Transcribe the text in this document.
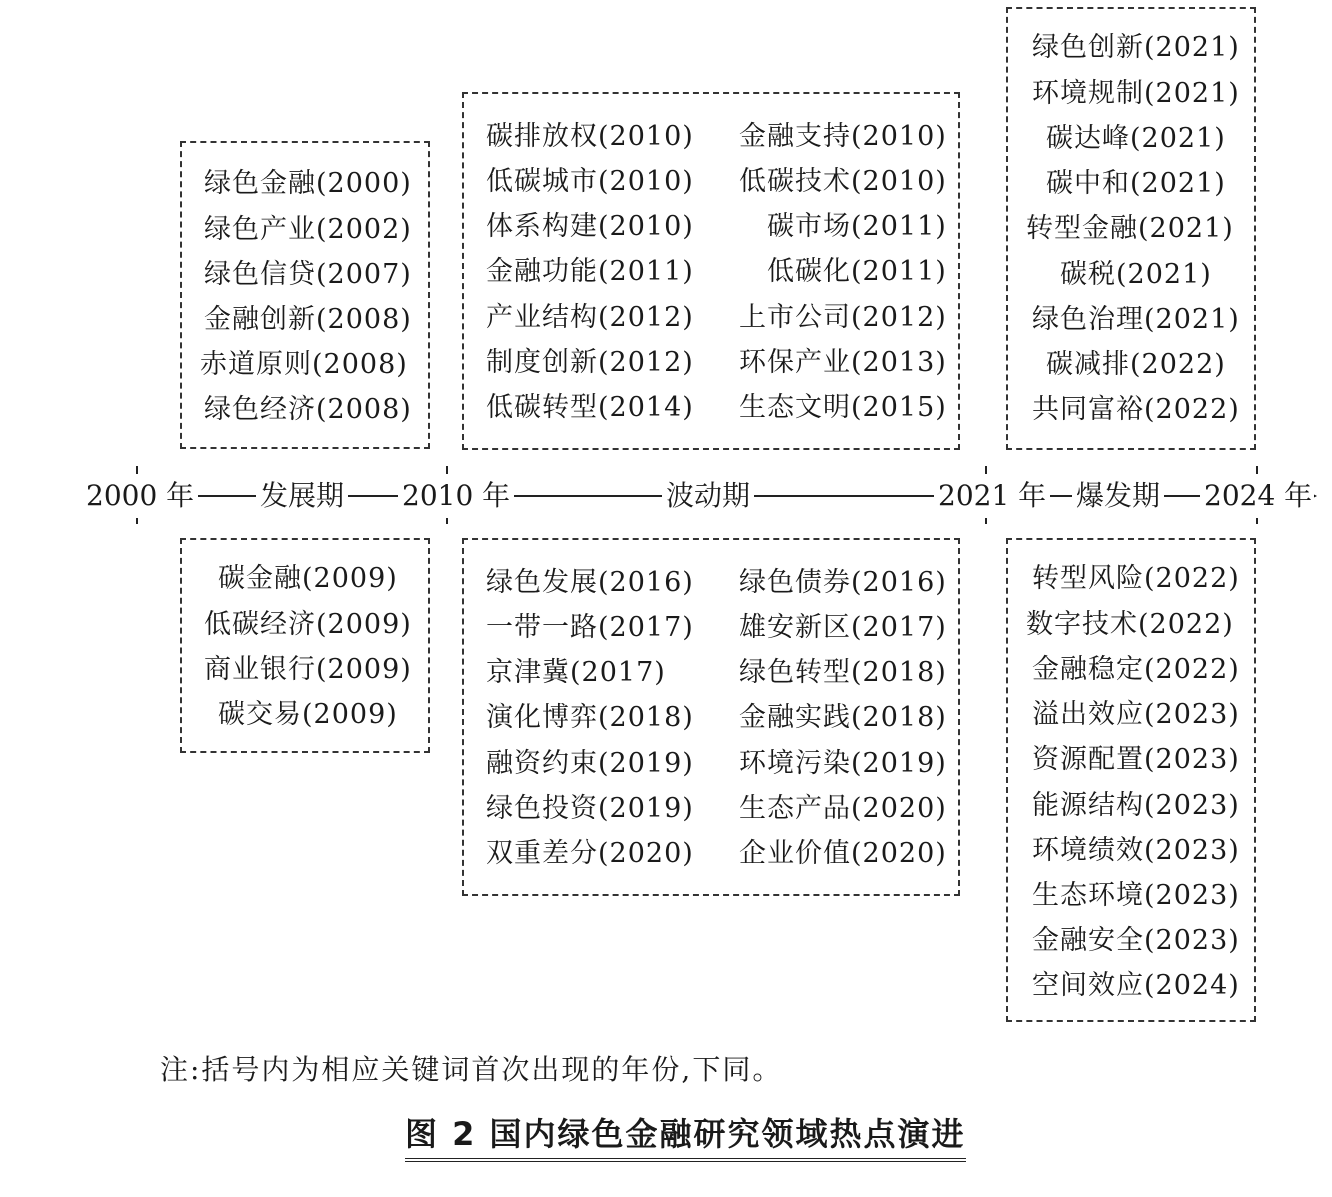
绿色金融(2000)
绿色产业(2002)
绿色信贷(2007)
金融创新(2008)
赤道原则(2008)
绿色经济(2008)
碳排放权(2010)
低碳城市(2010)
体系构建(2010)
金融功能(2011)
产业结构(2012)
制度创新(2012)
低碳转型(2014)
金融支持(2010)
低碳技术(2010)
碳市场(2011)
低碳化(2011)
上市公司(2012)
环保产业(2013)
生态文明(2015)
绿色创新(2021)
环境规制(2021)
碳达峰(2021)
碳中和(2021)
转型金融(2021)
碳税(2021)
绿色治理(2021)
碳减排(2022)
共同富裕(2022)
2000 年 发展期 2010 年	波动期	2021 年 爆发期 2024 年
碳金融(2009)
低碳经济(2009)
商业银行(2009)
碳交易(2009)
绿色发展(2016)
一带一路(2017)
京津冀(2017)
演化博弈(2018)
融资约束(2019)
绿色投资(2019)
双重差分(2020)
绿色债券(2016)
雄安新区(2017)
绿色转型(2018)
金融实践(2018)
环境污染(2019)
生态产品(2020)
企业价值(2020)
转型风险(2022)
数字技术(2022)
金融稳定(2022)
溢出效应(2023)
资源配置(2023)
能源结构(2023)
环境绩效(2023)
生态环境(2023)
金融安全(2023)
空间效应(2024)
注:括号内为相应关键词首次出现的年份,下同。
图 2 国内绿色金融研究领域热点演进
